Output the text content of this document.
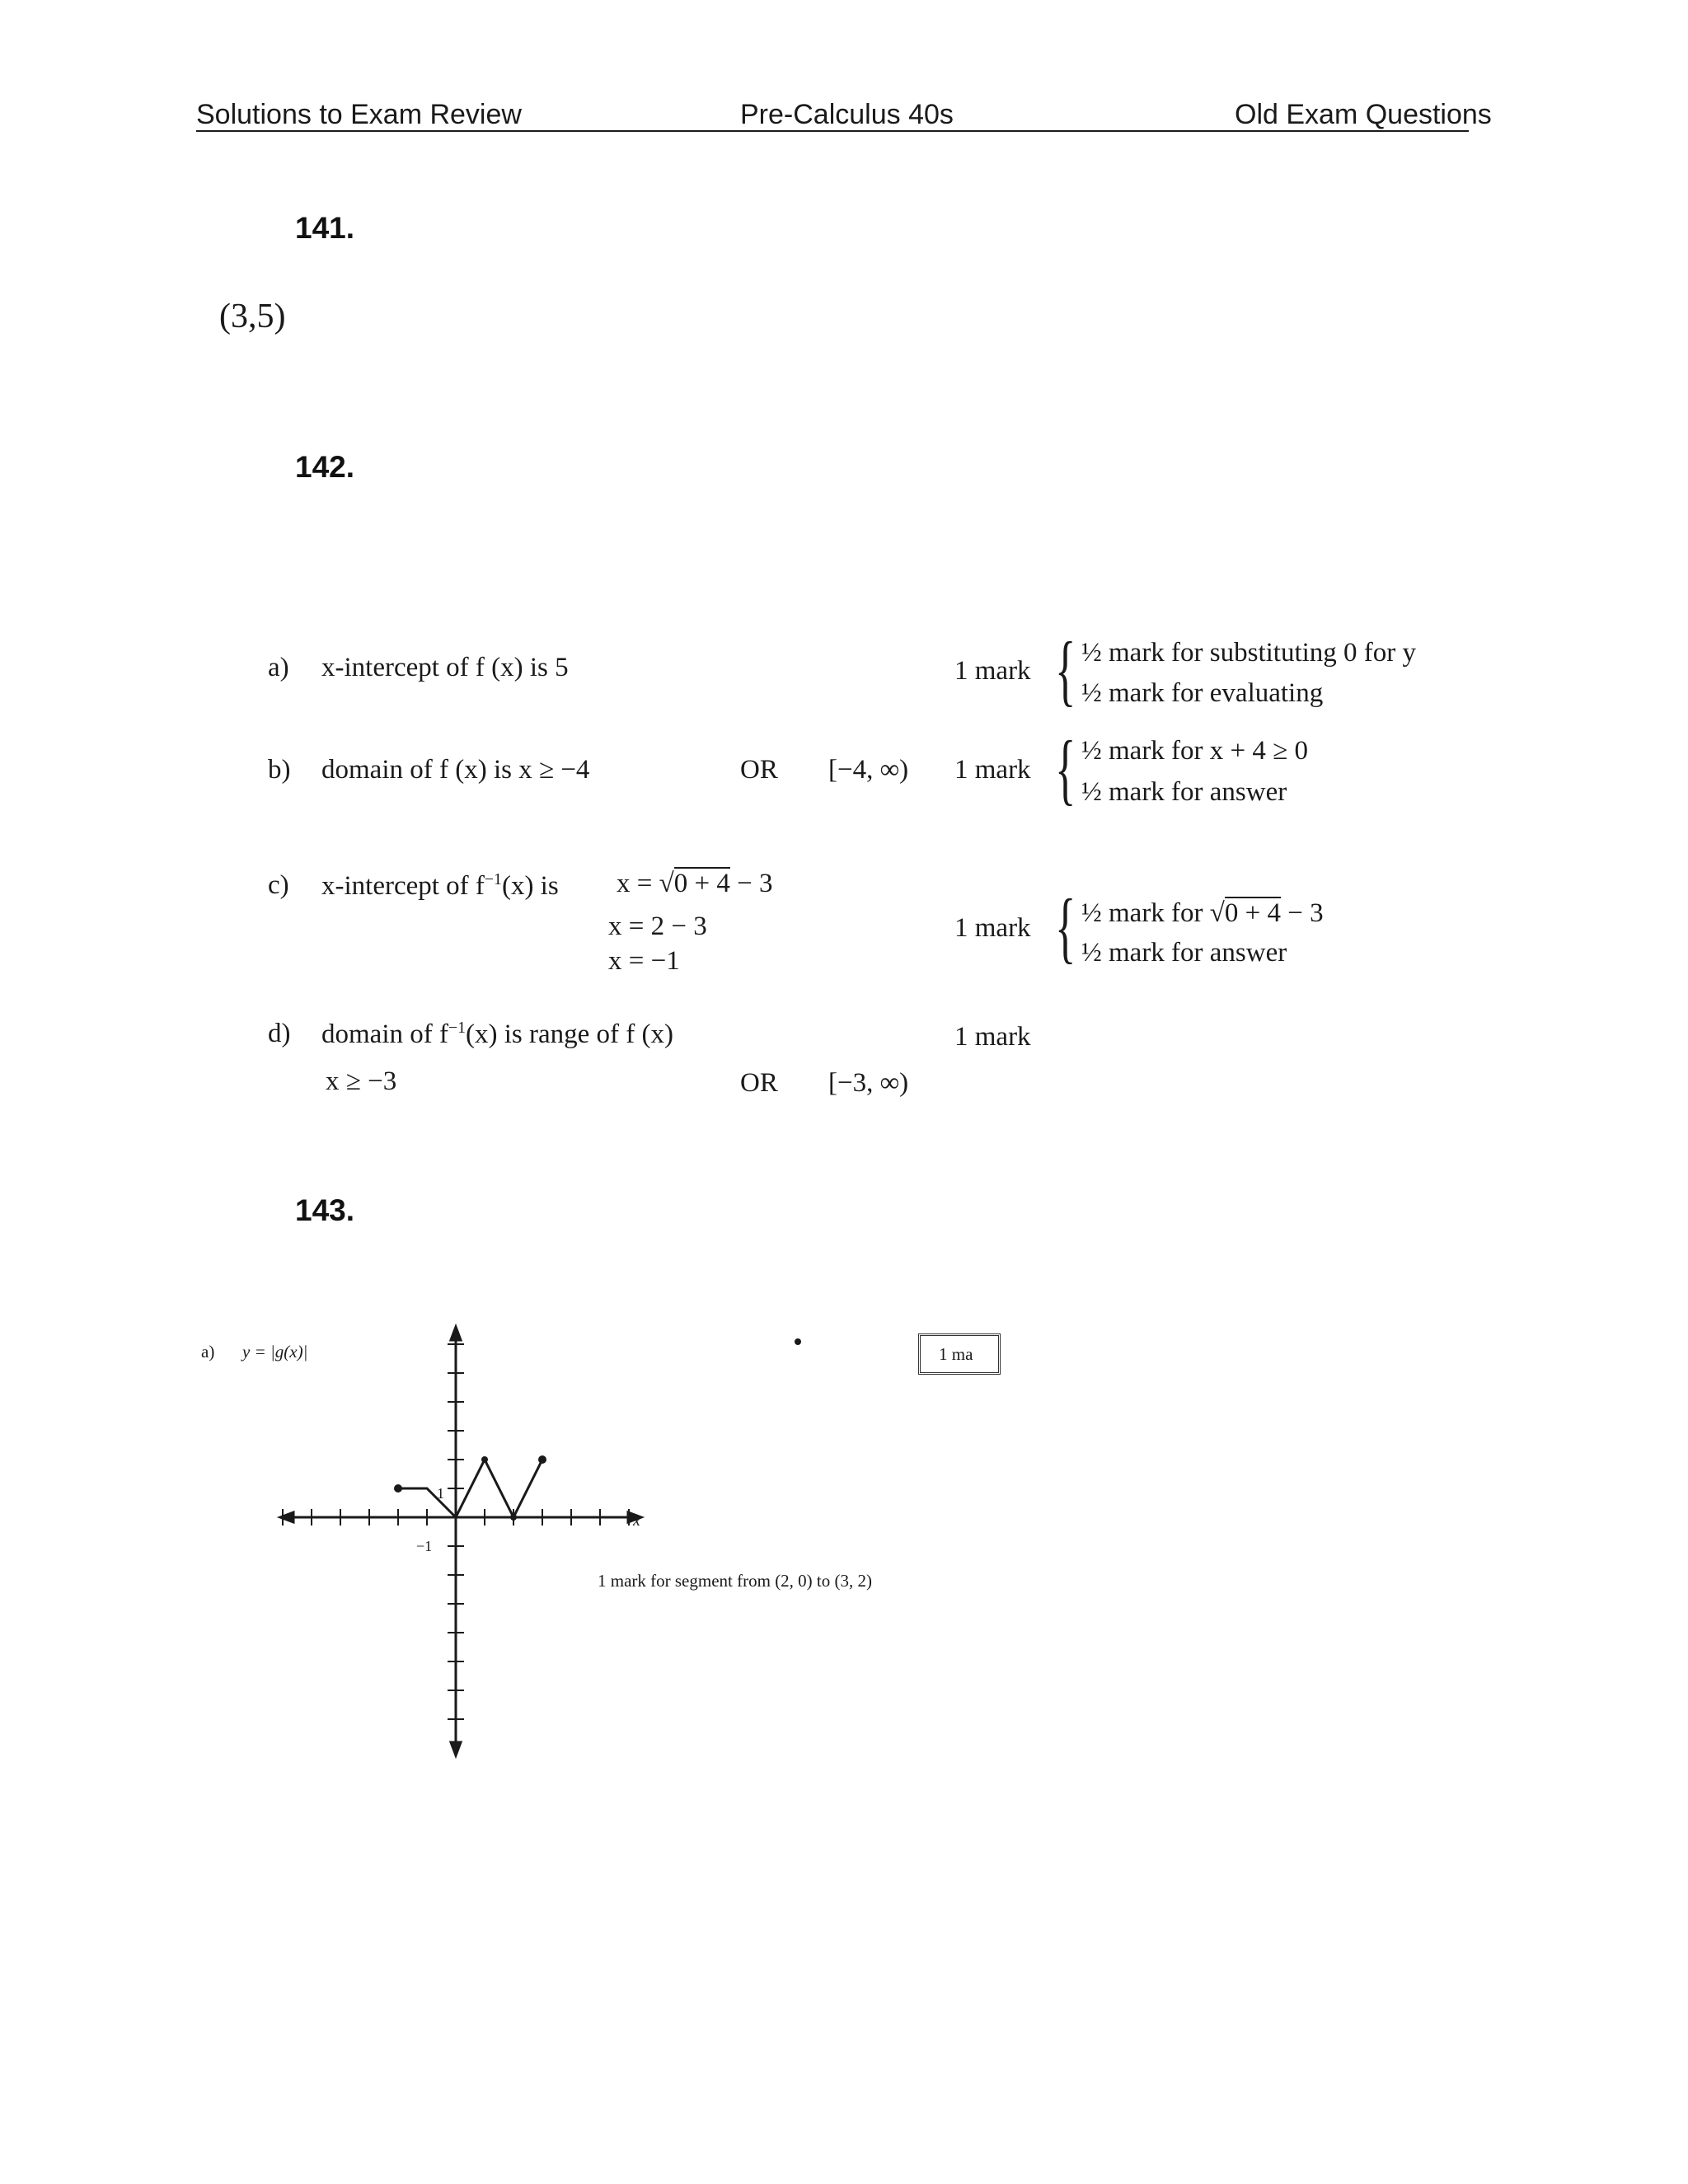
Solutions to Exam Review	Pre-Calculus 40s	Old Exam Questions
141.
(3,5)
142.
a) x-intercept of f (x) is 5	1 mark { ½ mark for substituting 0 for y
½ mark for evaluating
b) domain of f (x) is x ≥ −4	OR [−4, ∞) 1 mark { ½ mark for x + 4 ≥ 0
½ mark for answer
c) x-intercept of $f^{-1}(x)$ is x = √0 + 4 − 3
x = 2 − 3
x = −1
1 mark { ½ mark for √0 + 4 − 3
½ mark for answer
d) domain of $f^{-1}(x)$ is range of f (x)	1 mark
x ≥ −3	OR [−3, ∞)
143.
a) y = |g(x)|	1 ma
1 mark for segment from (2, 0) to (3, 2)
x
1
−1
